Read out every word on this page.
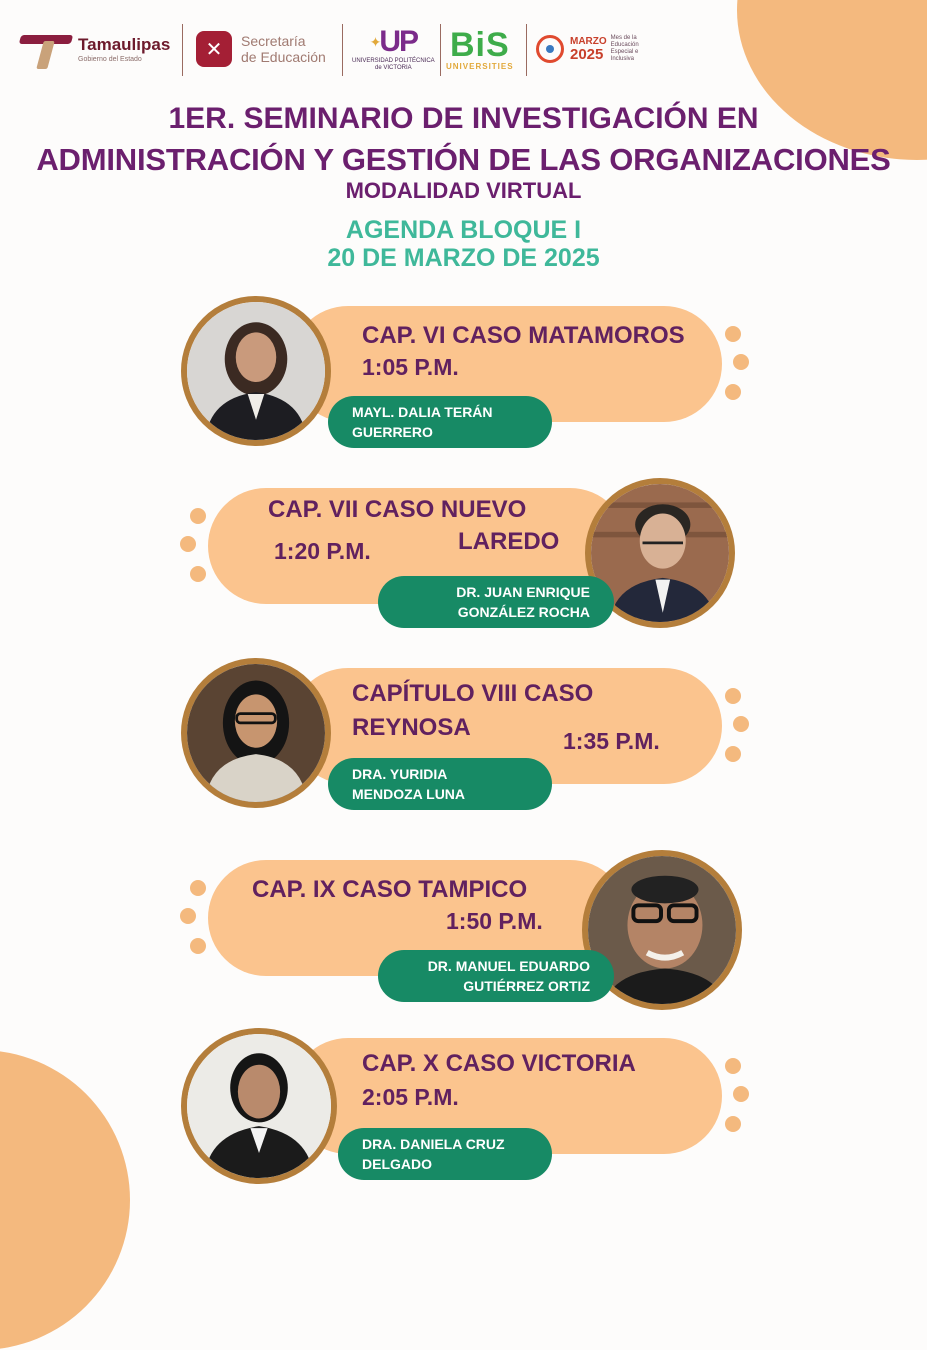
Tamaulipas
Gobierno del Estado	✕	Secretaría
de Educación
✦UP
UNIVERSIDAD POLITÉCNICA
de VICTORIA
BiS
UNIVERSITIES
MARZO
2025
Mes de la Educación Especial e Inclusiva
1ER. SEMINARIO DE INVESTIGACIÓN EN
ADMINISTRACIÓN Y GESTIÓN DE LAS ORGANIZACIONES
MODALIDAD VIRTUAL
AGENDA BLOQUE I
20 DE MARZO DE 2025
CAP. VI CASO MATAMOROS
1:05 P.M.
MAYL. DALIA TERÁN
GUERRERO
CAP. VII CASO NUEVO
LAREDO
1:20 P.M.
DR. JUAN ENRIQUE
GONZÁLEZ ROCHA
CAPÍTULO VIII CASO
REYNOSA	1:35 P.M.
DRA. YURIDIA
MENDOZA LUNA
CAP. IX CASO TAMPICO
1:50 P.M.
DR. MANUEL EDUARDO
GUTIÉRREZ ORTIZ
CAP. X CASO VICTORIA
2:05 P.M.
DRA. DANIELA CRUZ
DELGADO
